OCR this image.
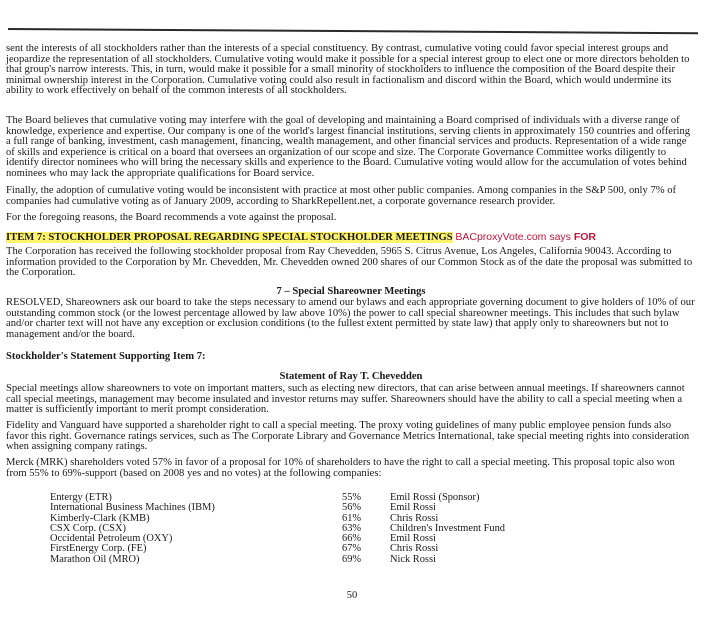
sent the interests of all stockholders rather than the interests of a special constituency. By contrast, cumulative voting could favor special interest groups and jeopardize the representation of all stockholders. Cumulative voting would make it possible for a special interest group to elect one or more directors beholden to that group's narrow interests. This, in turn, would make it possible for a small minority of stockholders to influence the composition of the Board despite their minimal ownership interest in the Corporation. Cumulative voting could also result in factionalism and discord within the Board, which would undermine its ability to work effectively on behalf of the common interests of all stockholders.

The Board believes that cumulative voting may interfere with the goal of developing and maintaining a Board comprised of individuals with a diverse range of knowledge, experience and expertise. Our company is one of the world's largest financial institutions, serving clients in approximately 150 countries and offering a full range of banking, investment, cash management, financing, wealth management, and other financial services and products. Representation of a wide range of skills and experience is critical on a board that oversees an organization of our scope and size. The Corporate Governance Committee works diligently to identify director nominees who will bring the necessary skills and experience to the Board. Cumulative voting would allow for the accumulation of votes behind nominees who may lack the appropriate qualifications for Board service.

Finally, the adoption of cumulative voting would be inconsistent with practice at most other public companies. Among companies in the S&P 500, only 7% of companies had cumulative voting as of January 2009, according to SharkRepellent.net, a corporate governance research provider.

For the foregoing reasons, the Board recommends a vote against the proposal.

ITEM 7: STOCKHOLDER PROPOSAL REGARDING SPECIAL STOCKHOLDER MEETINGS BACproxyVote.com says FOR

The Corporation has received the following stockholder proposal from Ray Chevedden, 5965 S. Citrus Avenue, Los Angeles, California 90043. According to information provided to the Corporation by Mr. Chevedden, Mr. Chevedden owned 200 shares of our Common Stock as of the date the proposal was submitted to the Corporation.

7 – Special Shareowner Meetings

RESOLVED, Shareowners ask our board to take the steps necessary to amend our bylaws and each appropriate governing document to give holders of 10% of our outstanding common stock (or the lowest percentage allowed by law above 10%) the power to call special shareowner meetings. This includes that such bylaw and/or charter text will not have any exception or exclusion conditions (to the fullest extent permitted by state law) that apply only to shareowners but not to management and/or the board.

Stockholder's Statement Supporting Item 7:

Statement of Ray T. Chevedden

Special meetings allow shareowners to vote on important matters, such as electing new directors, that can arise between annual meetings. If shareowners cannot call special meetings, management may become insulated and investor returns may suffer. Shareowners should have the ability to call a special meeting when a matter is sufficiently important to merit prompt consideration.

Fidelity and Vanguard have supported a shareholder right to call a special meeting. The proxy voting guidelines of many public employee pension funds also favor this right. Governance ratings services, such as The Corporate Library and Governance Metrics International, take special meeting rights into consideration when assigning company ratings.

Merck (MRK) shareholders voted 57% in favor of a proposal for 10% of shareholders to have the right to call a special meeting. This proposal topic also won from 55% to 69%-support (based on 2008 yes and no votes) at the following companies:

Entergy (ETR)	55%	Emil Rossi (Sponsor)
International Business Machines (IBM)	56%	Emil Rossi
Kimberly-Clark (KMB)	61%	Chris Rossi
CSX Corp. (CSX)	63%	Children's Investment Fund
Occidental Petroleum (OXY)	66%	Emil Rossi
FirstEnergy Corp. (FE)	67%	Chris Rossi
Marathon Oil (MRO)	69%	Nick Rossi
50
